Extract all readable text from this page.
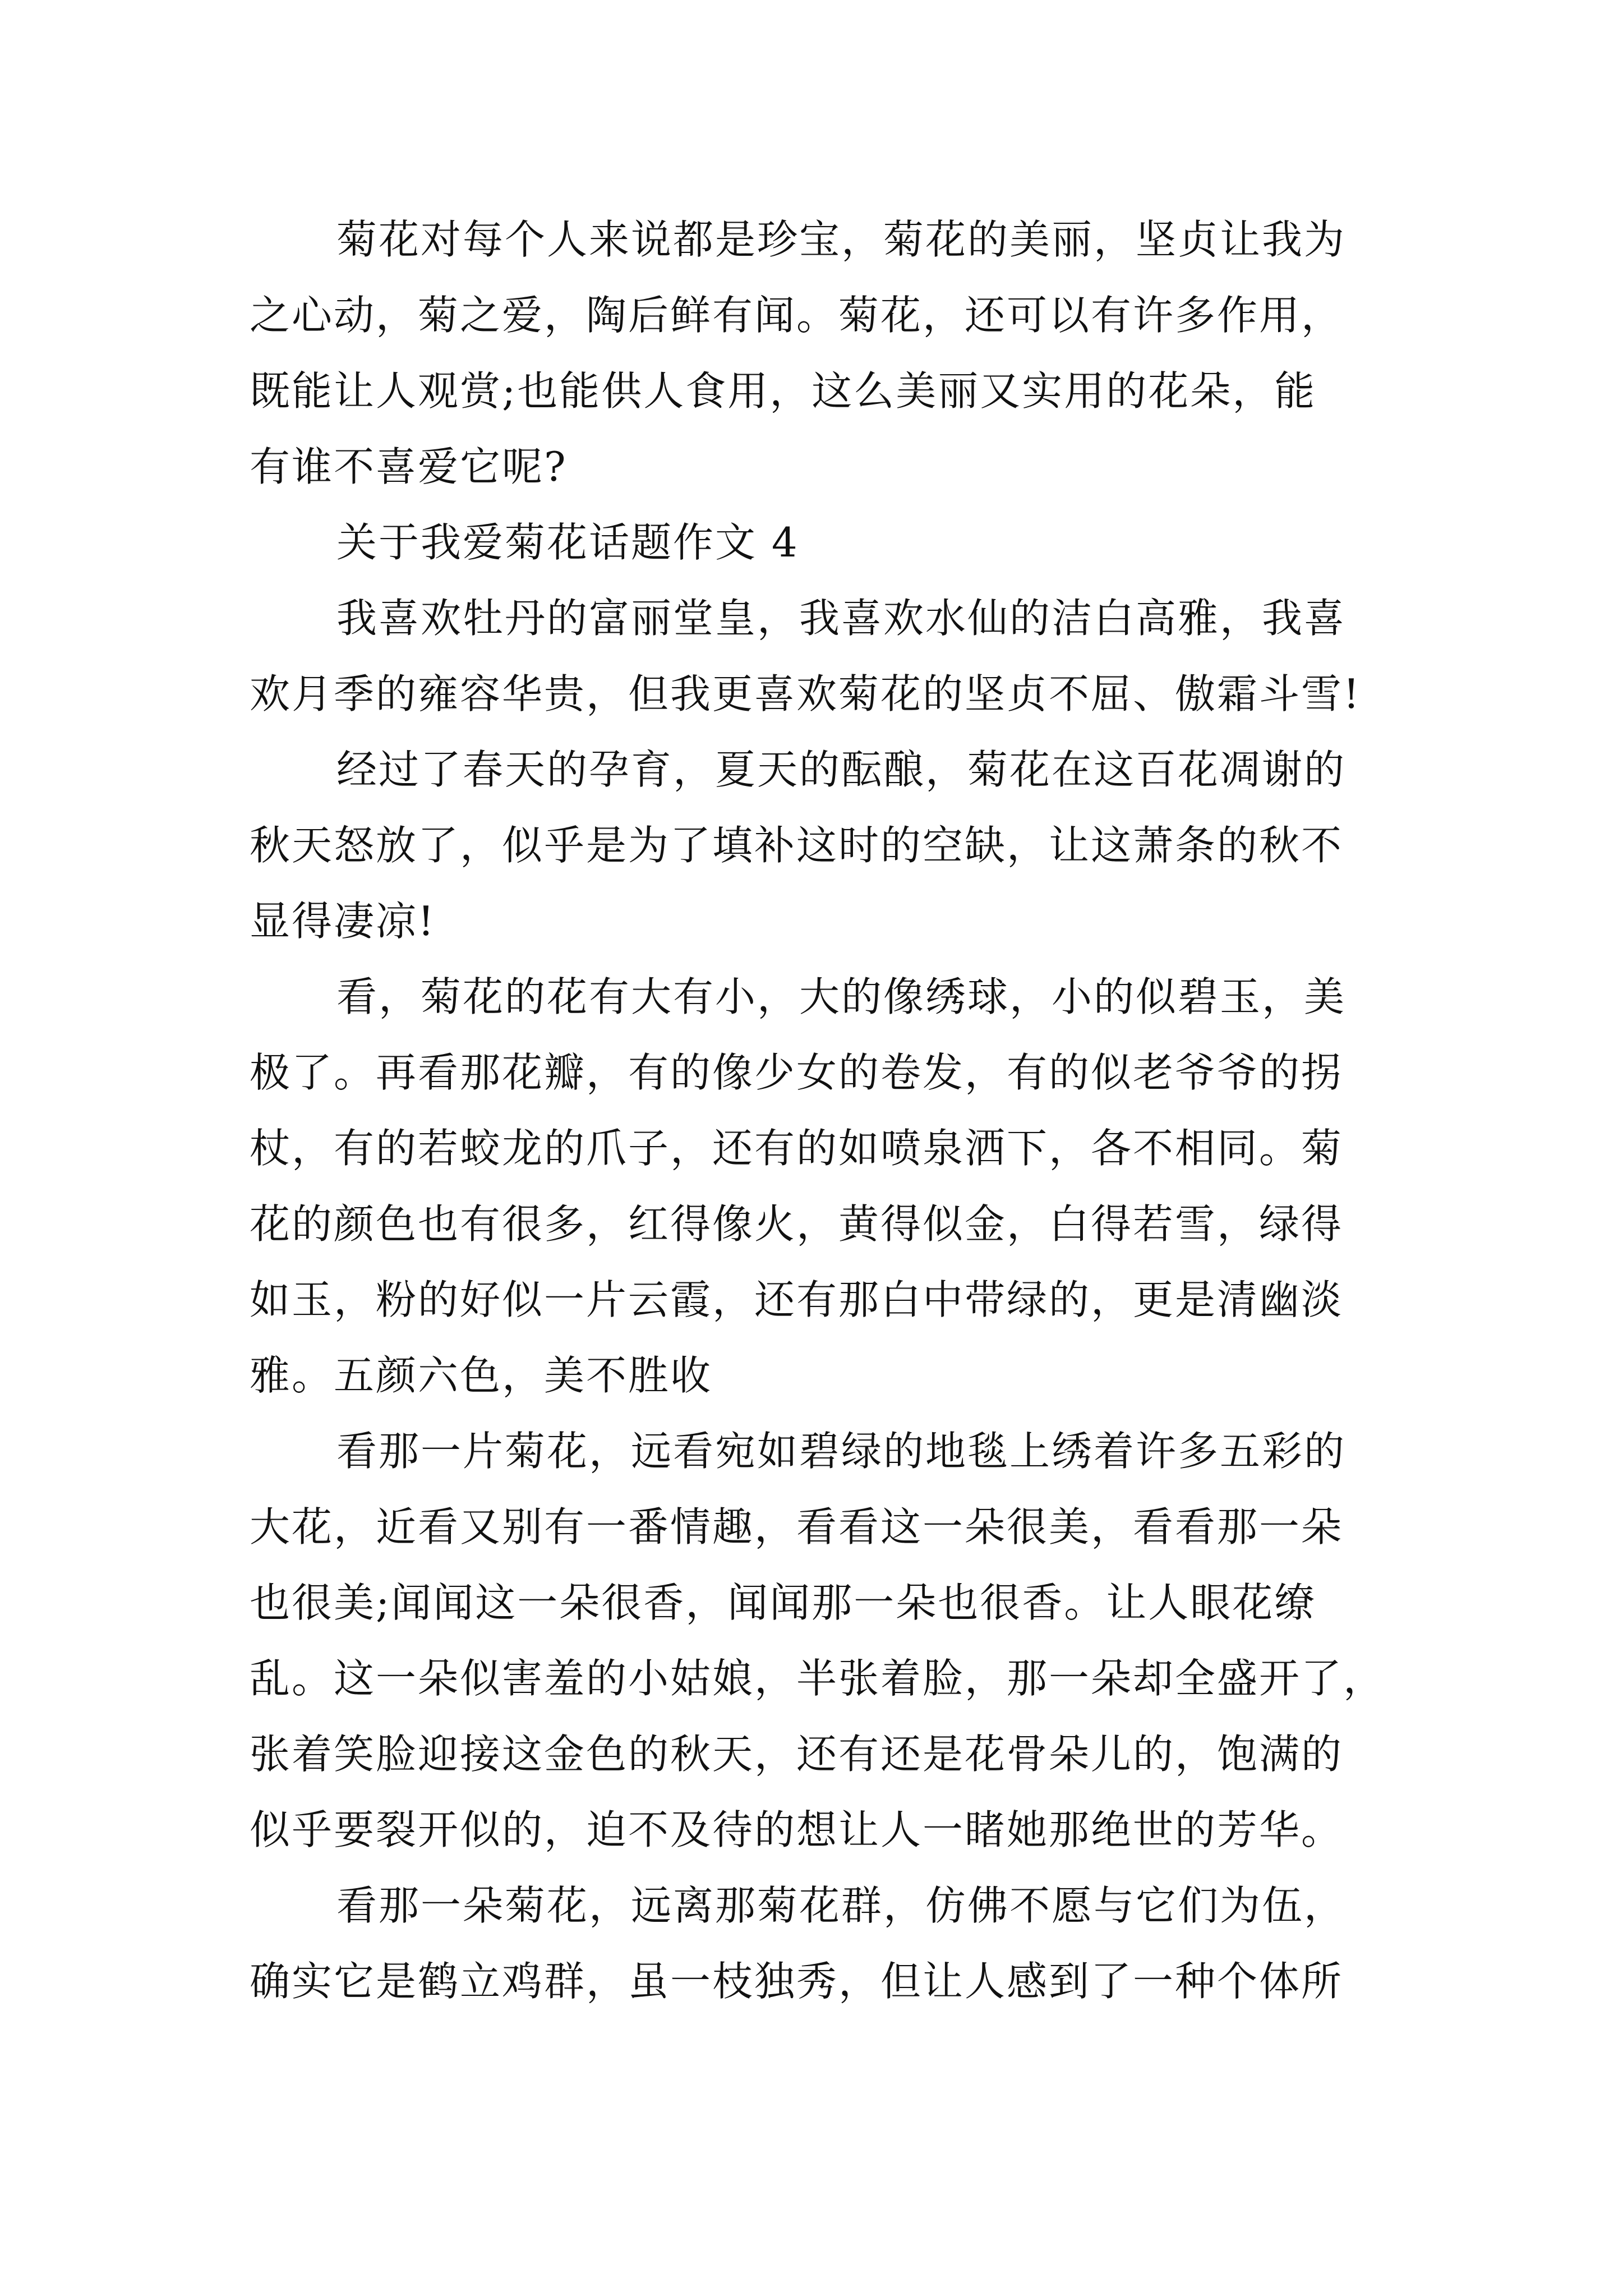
菊花对每个人来说都是珍宝，菊花的美丽，坚贞让我为
之心动，菊之爱，陶后鲜有闻。菊花，还可以有许多作用，
既能让人观赏;也能供人食用，这么美丽又实用的花朵，能
有谁不喜爱它呢?
关于我爱菊花话题作文 4
我喜欢牡丹的富丽堂皇，我喜欢水仙的洁白高雅，我喜
欢月季的雍容华贵，但我更喜欢菊花的坚贞不屈、傲霜斗雪!
经过了春天的孕育，夏天的酝酿，菊花在这百花凋谢的
秋天怒放了，似乎是为了填补这时的空缺，让这萧条的秋不
显得凄凉!
看，菊花的花有大有小，大的像绣球，小的似碧玉，美
极了。再看那花瓣，有的像少女的卷发，有的似老爷爷的拐
杖，有的若蛟龙的爪子，还有的如喷泉洒下，各不相同。菊
花的颜色也有很多，红得像火，黄得似金，白得若雪，绿得
如玉，粉的好似一片云霞，还有那白中带绿的，更是清幽淡
雅。五颜六色，美不胜收
看那一片菊花，远看宛如碧绿的地毯上绣着许多五彩的
大花，近看又别有一番情趣，看看这一朵很美，看看那一朵
也很美;闻闻这一朵很香，闻闻那一朵也很香。让人眼花缭
乱。这一朵似害羞的小姑娘，半张着脸，那一朵却全盛开了，
张着笑脸迎接这金色的秋天，还有还是花骨朵儿的，饱满的
似乎要裂开似的，迫不及待的想让人一睹她那绝世的芳华。
看那一朵菊花，远离那菊花群，仿佛不愿与它们为伍，
确实它是鹤立鸡群，虽一枝独秀，但让人感到了一种个体所
